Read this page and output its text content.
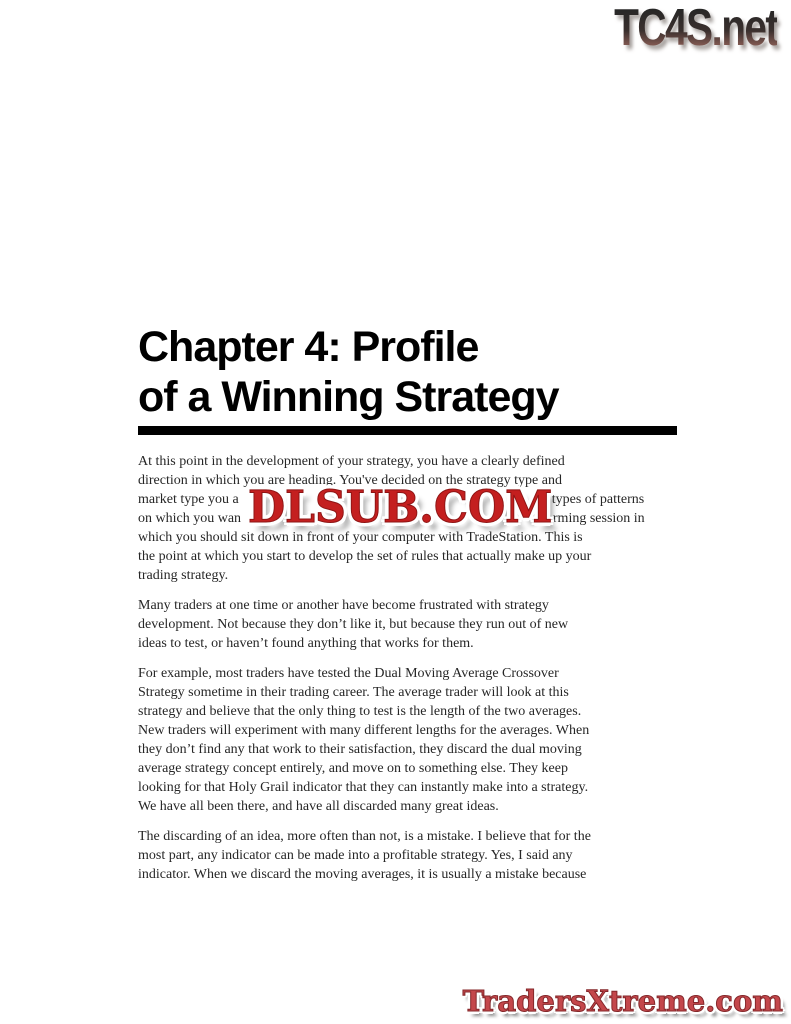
TC4S.net
Chapter 4: Profile
of a Winning Strategy
At this point in the development of your strategy, you have a clearly defined
direction in which you are heading. You've decided on the strategy type and
market type you a	e types of patterns
on which you wan	torming session in
which you should sit down in front of your computer with TradeStation. This is
the point at which you start to develop the set of rules that actually make up your
trading strategy.
Many traders at one time or another have become frustrated with strategy
development. Not because they don’t like it, but because they run out of new
ideas to test, or haven’t found anything that works for them.
For example, most traders have tested the Dual Moving Average Crossover
Strategy sometime in their trading career. The average trader will look at this
strategy and believe that the only thing to test is the length of the two averages.
New traders will experiment with many different lengths for the averages. When
they don’t find any that work to their satisfaction, they discard the dual moving
average strategy concept entirely, and move on to something else. They keep
looking for that Holy Grail indicator that they can instantly make into a strategy.
We have all been there, and have all discarded many great ideas.
The discarding of an idea, more often than not, is a mistake. I believe that for the
most part, any indicator can be made into a profitable strategy. Yes, I said any
indicator. When we discard the moving averages, it is usually a mistake because
DLSUB.COM
TradersXtreme.com
